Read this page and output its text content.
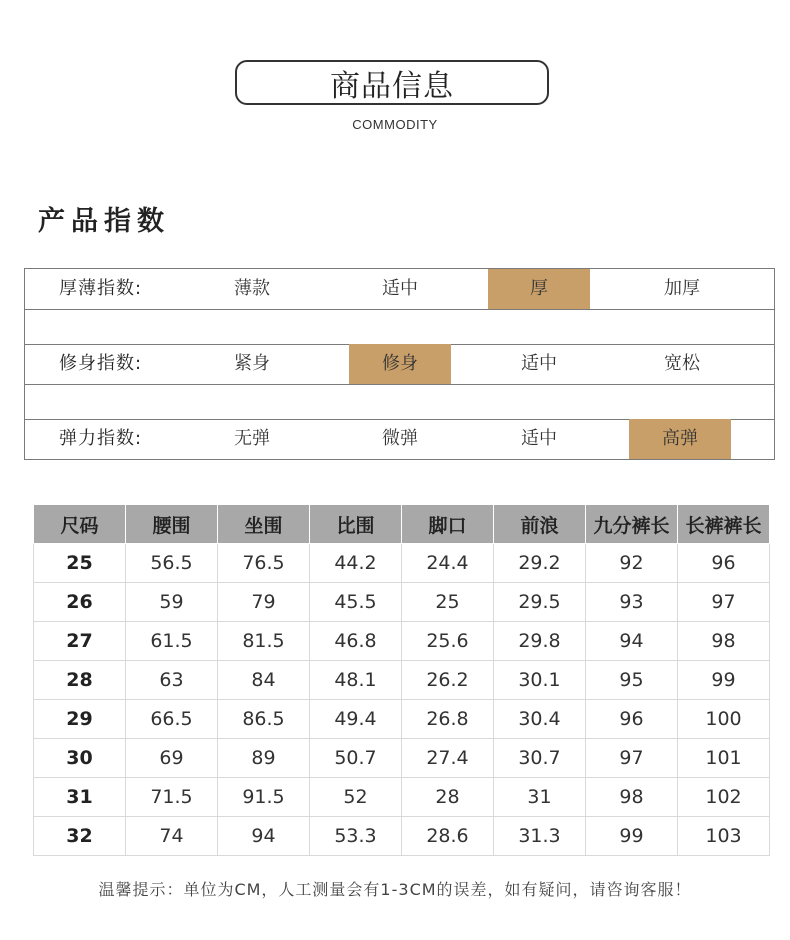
商品信息
COMMODITY
产品指数
厚薄指数:	薄款	适中	厚	加厚
修身指数:	紧身	修身	适中	宽松
弹力指数:	无弹	微弹	适中	高弹
尺码	腰围	坐围	比围	脚口	前浪	九分裤长	长裤裤长
25	56.5	76.5	44.2	24.4	29.2	92	96
26	59	79	45.5	25	29.5	93	97
27	61.5	81.5	46.8	25.6	29.8	94	98
28	63	84	48.1	26.2	30.1	95	99
29	66.5	86.5	49.4	26.8	30.4	96	100
30	69	89	50.7	27.4	30.7	97	101
31	71.5	91.5	52	28	31	98	102
32	74	94	53.3	28.6	31.3	99	103
温馨提示：单位为CM，人工测量会有1-3CM的误差，如有疑问，请咨询客服！
